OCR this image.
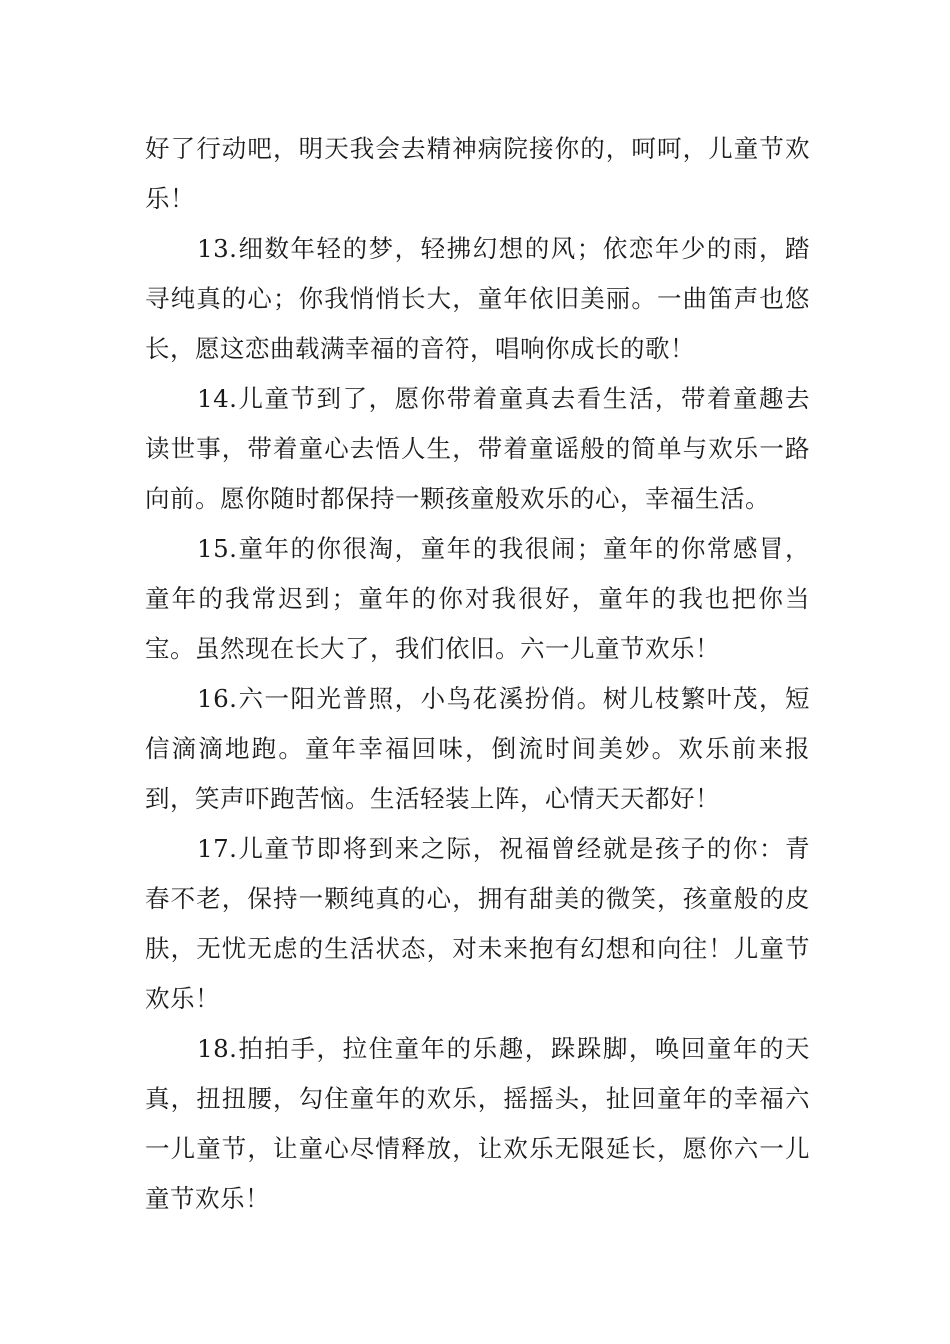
好了行动吧，明天我会去精神病院接你的，呵呵，儿童节欢乐！

13.细数年轻的梦，轻拂幻想的风；依恋年少的雨，踏寻纯真的心；你我悄悄长大，童年依旧美丽。一曲笛声也悠长，愿这恋曲载满幸福的音符，唱响你成长的歌！

14.儿童节到了，愿你带着童真去看生活，带着童趣去读世事，带着童心去悟人生，带着童谣般的简单与欢乐一路向前。愿你随时都保持一颗孩童般欢乐的心，幸福生活。

15.童年的你很淘，童年的我很闹；童年的你常感冒，童年的我常迟到；童年的你对我很好，童年的我也把你当宝。虽然现在长大了，我们依旧。六一儿童节欢乐！

16.六一阳光普照，小鸟花溪扮俏。树儿枝繁叶茂，短信滴滴地跑。童年幸福回味，倒流时间美妙。欢乐前来报到，笑声吓跑苦恼。生活轻装上阵，心情天天都好！

17.儿童节即将到来之际，祝福曾经就是孩子的你：青春不老，保持一颗纯真的心，拥有甜美的微笑，孩童般的皮肤，无忧无虑的生活状态，对未来抱有幻想和向往！儿童节欢乐！

18.拍拍手，拉住童年的乐趣，跺跺脚，唤回童年的天真，扭扭腰，勾住童年的欢乐，摇摇头，扯回童年的幸福六一儿童节，让童心尽情释放，让欢乐无限延长，愿你六一儿童节欢乐！
